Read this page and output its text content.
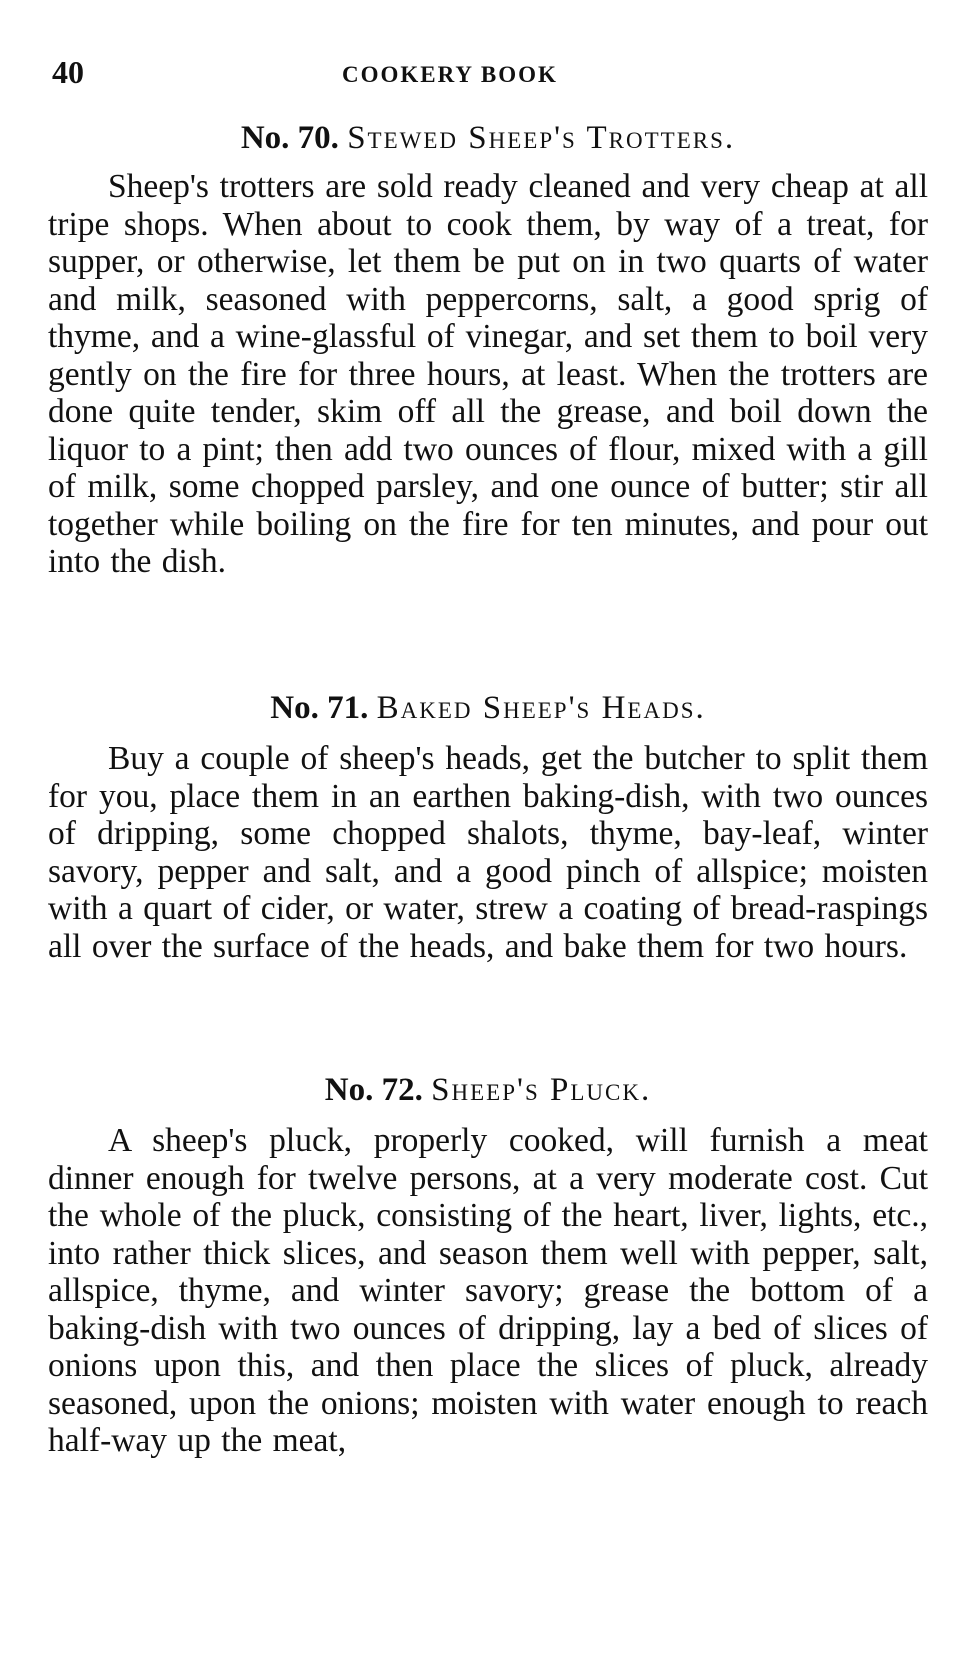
40	COOKERY BOOK
No. 70. Stewed Sheep's Trotters.

Sheep's trotters are sold ready cleaned and very cheap at all tripe shops. When about to cook them, by way of a treat, for supper, or otherwise, let them be put on in two quarts of water and milk, seasoned with peppercorns, salt, a good sprig of thyme, and a wine-glassful of vinegar, and set them to boil very gently on the fire for three hours, at least. When the trotters are done quite tender, skim off all the grease, and boil down the liquor to a pint; then add two ounces of flour, mixed with a gill of milk, some chopped parsley, and one ounce of butter; stir all together while boiling on the fire for ten minutes, and pour out into the dish.

No. 71. Baked Sheep's Heads.

Buy a couple of sheep's heads, get the butcher to split them for you, place them in an earthen baking-dish, with two ounces of dripping, some chopped shalots, thyme, bay-leaf, winter savory, pepper and salt, and a good pinch of allspice; moisten with a quart of cider, or water, strew a coating of bread-raspings all over the surface of the heads, and bake them for two hours.

No. 72. Sheep's Pluck.

A sheep's pluck, properly cooked, will furnish a meat dinner enough for twelve persons, at a very moderate cost. Cut the whole of the pluck, consisting of the heart, liver, lights, etc., into rather thick slices, and season them well with pepper, salt, allspice, thyme, and winter savory; grease the bottom of a baking-dish with two ounces of dripping, lay a bed of slices of onions upon this, and then place the slices of pluck, already seasoned, upon the onions; moisten with water enough to reach half-way up the meat,
